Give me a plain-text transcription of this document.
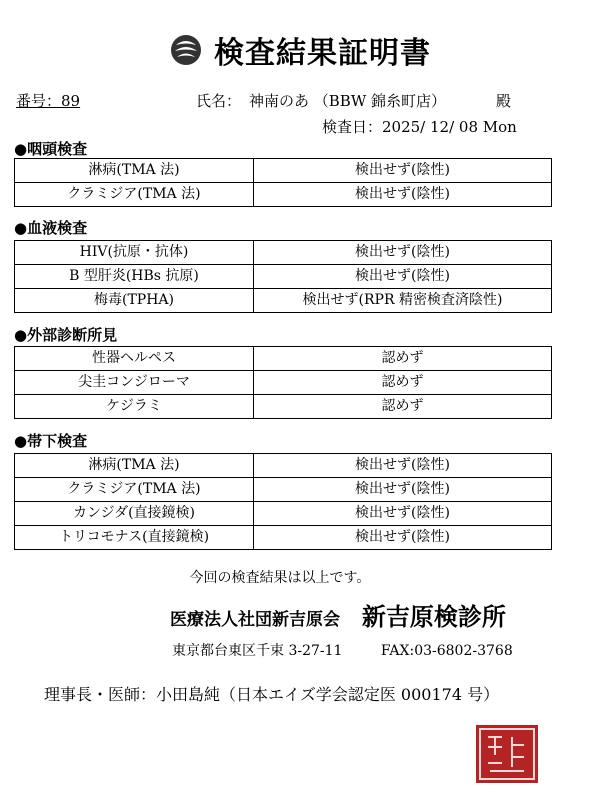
検査結果証明書
番号：89	氏名： 神南のあ （BBW 錦糸町店）	殿
検査日：2025/ 12/ 08 Mon
●咽頭検査
淋病(TMA 法)	検出せず(陰性)
クラミジア(TMA 法)	検出せず(陰性)
●血液検査
HIV(抗原・抗体)	検出せず(陰性)
B 型肝炎(HBs 抗原)	検出せず(陰性)
梅毒(TPHA)	検出せず(RPR 精密検査済陰性)
●外部診断所見
性器ヘルペス	認めず
尖圭コンジローマ	認めず
ケジラミ	認めず
●帯下検査
淋病(TMA 法)	検出せず(陰性)
クラミジア(TMA 法)	検出せず(陰性)
カンジダ(直接鏡検)	検出せず(陰性)
トリコモナス(直接鏡検)	検出せず(陰性)
今回の検査結果は以上です。
医療法人社団新吉原会 新吉原検診所
東京都台東区千束 3-27-11	FAX:03-6802-3768
理事長・医師：小田島純（日本エイズ学会認定医 000174 号）
